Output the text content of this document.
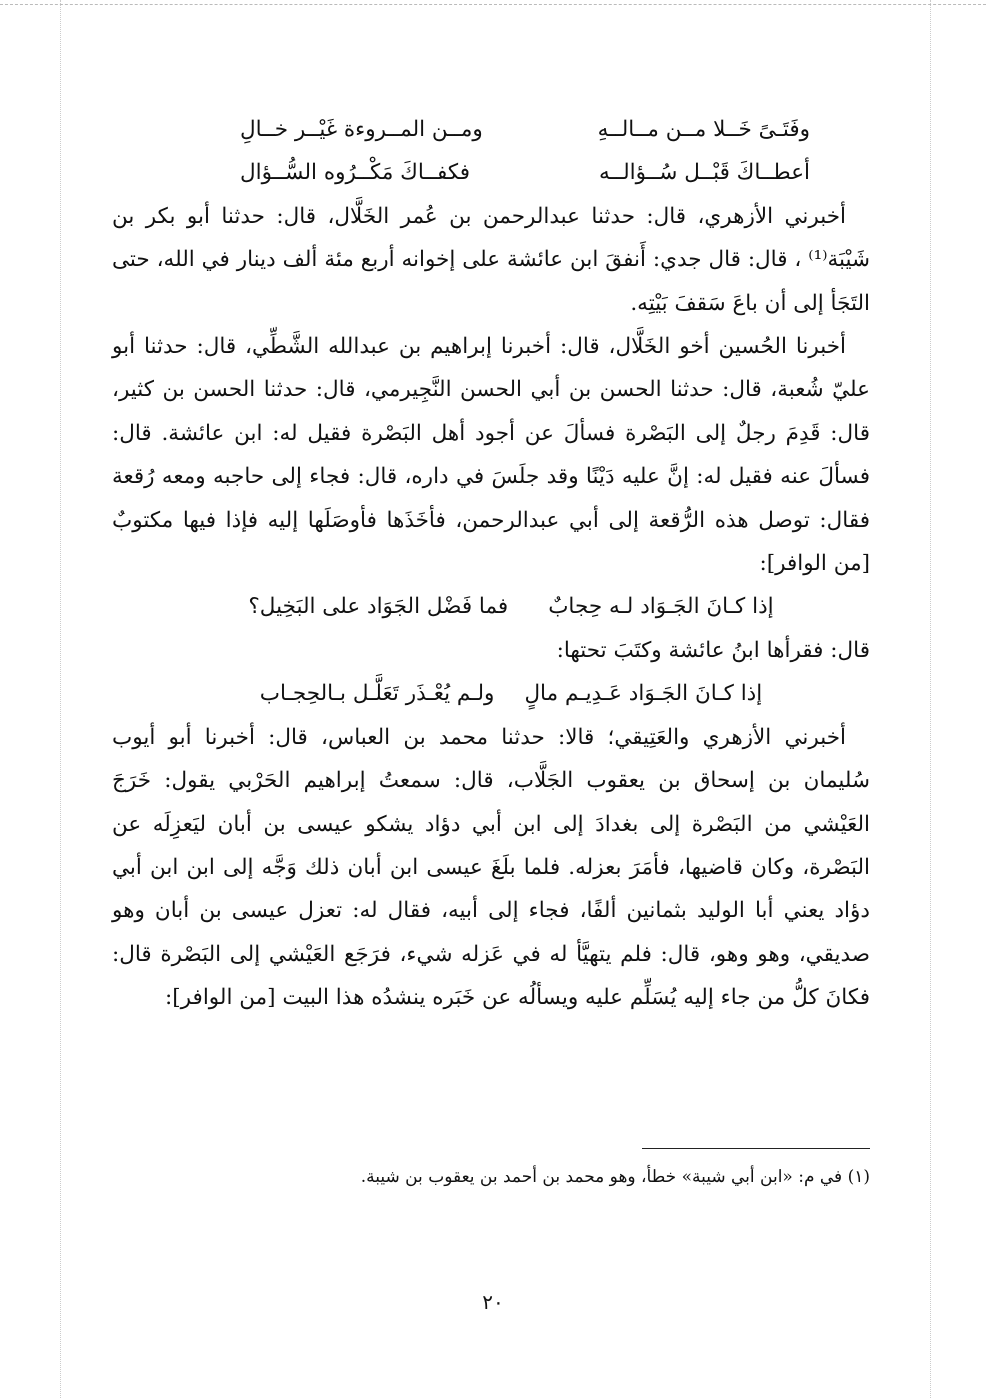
وفَتَـىً خَــلا مــن مــالــهِ
ومــن المــروءة غَيْــر خــالِ
أعطــاكَ قَبْــل سُــؤالــه
فكفــاكَ مَكْــرُوه السُّــؤال

أخبرني الأزهري، قال: حدثنا عبدالرحمن بن عُمر الخَلَّال، قال: حدثنا أبو بكر بن شَيْبَة⁽¹⁾ ، قال: قال جدي: أَنفقَ ابن عائشة على إخوانه أربع مئة ألف دينار في الله، حتى التَجَأ إلى أن باعَ سَقفَ بَيْتِه.

أخبرنا الحُسين أخو الخَلَّال، قال: أخبرنا إبراهيم بن عبدالله الشَّطِّي، قال: حدثنا أبو عليّ شُعبة، قال: حدثنا الحسن بن أبي الحسن النَّجِيرمي، قال: حدثنا الحسن بن كثير، قال: قَدِمَ رجلٌ إلى البَصْرة فسألَ عن أجود أهل البَصْرة فقيل له: ابن عائشة. قال: فسألَ عنه فقيل له: إنَّ عليه دَيْنًا وقد جلَسَ في داره، قال: فجاء إلى حاجبه ومعه رُقعة فقال: توصل هذه الرُّقعة إلى أبي عبدالرحمن، فأخَذَها فأوصَلَها إليه فإذا فيها مكتوبٌ [من الوافر]:

إذا كـانَ الجَـوَاد لـه حِجابٌ
فما فَضْل الجَوَاد على البَخِيل؟

قال: فقرأها ابنُ عائشة وكتَبَ تحتها:

إذا كـانَ الجَـوَاد عَـدِيـم مالٍ
ولـم يُعْـذَر تَعَلَّـل بـالحِجـاب

أخبرني الأزهري والعَتِيقي؛ قالا: حدثنا محمد بن العباس، قال: أخبرنا أبو أيوب سُليمان بن إسحاق بن يعقوب الجَلَّاب، قال: سمعتُ إبراهيم الحَرْبي يقول: خَرَجَ العَيْشي من البَصْرة إلى بغدادَ إلى ابن أبي دؤاد يشكو عيسى بن أبان ليَعزِلَه عن البَصْرة، وكان قاضيها، فأمَرَ بعزله. فلما بلَغَ عيسى ابن أبان ذلك وَجَّه إلى ابن ابن أبي دؤاد يعني أبا الوليد بثمانين ألفًا، فجاء إلى أبيه، فقال له: تعزل عيسى بن أبان وهو صديقي، وهو وهو، قال: فلم يتهيَّأ له في عَزله شيء، فرَجَع العَيْشي إلى البَصْرة قال: فكانَ كلُّ من جاء إليه يُسَلِّم عليه ويسألُه عن خَبَره ينشدُه هذا البيت [من الوافر]:

(١) في م: «ابن أبي شيبة» خطأ، وهو محمد بن أحمد بن يعقوب بن شيبة.
٢٠
